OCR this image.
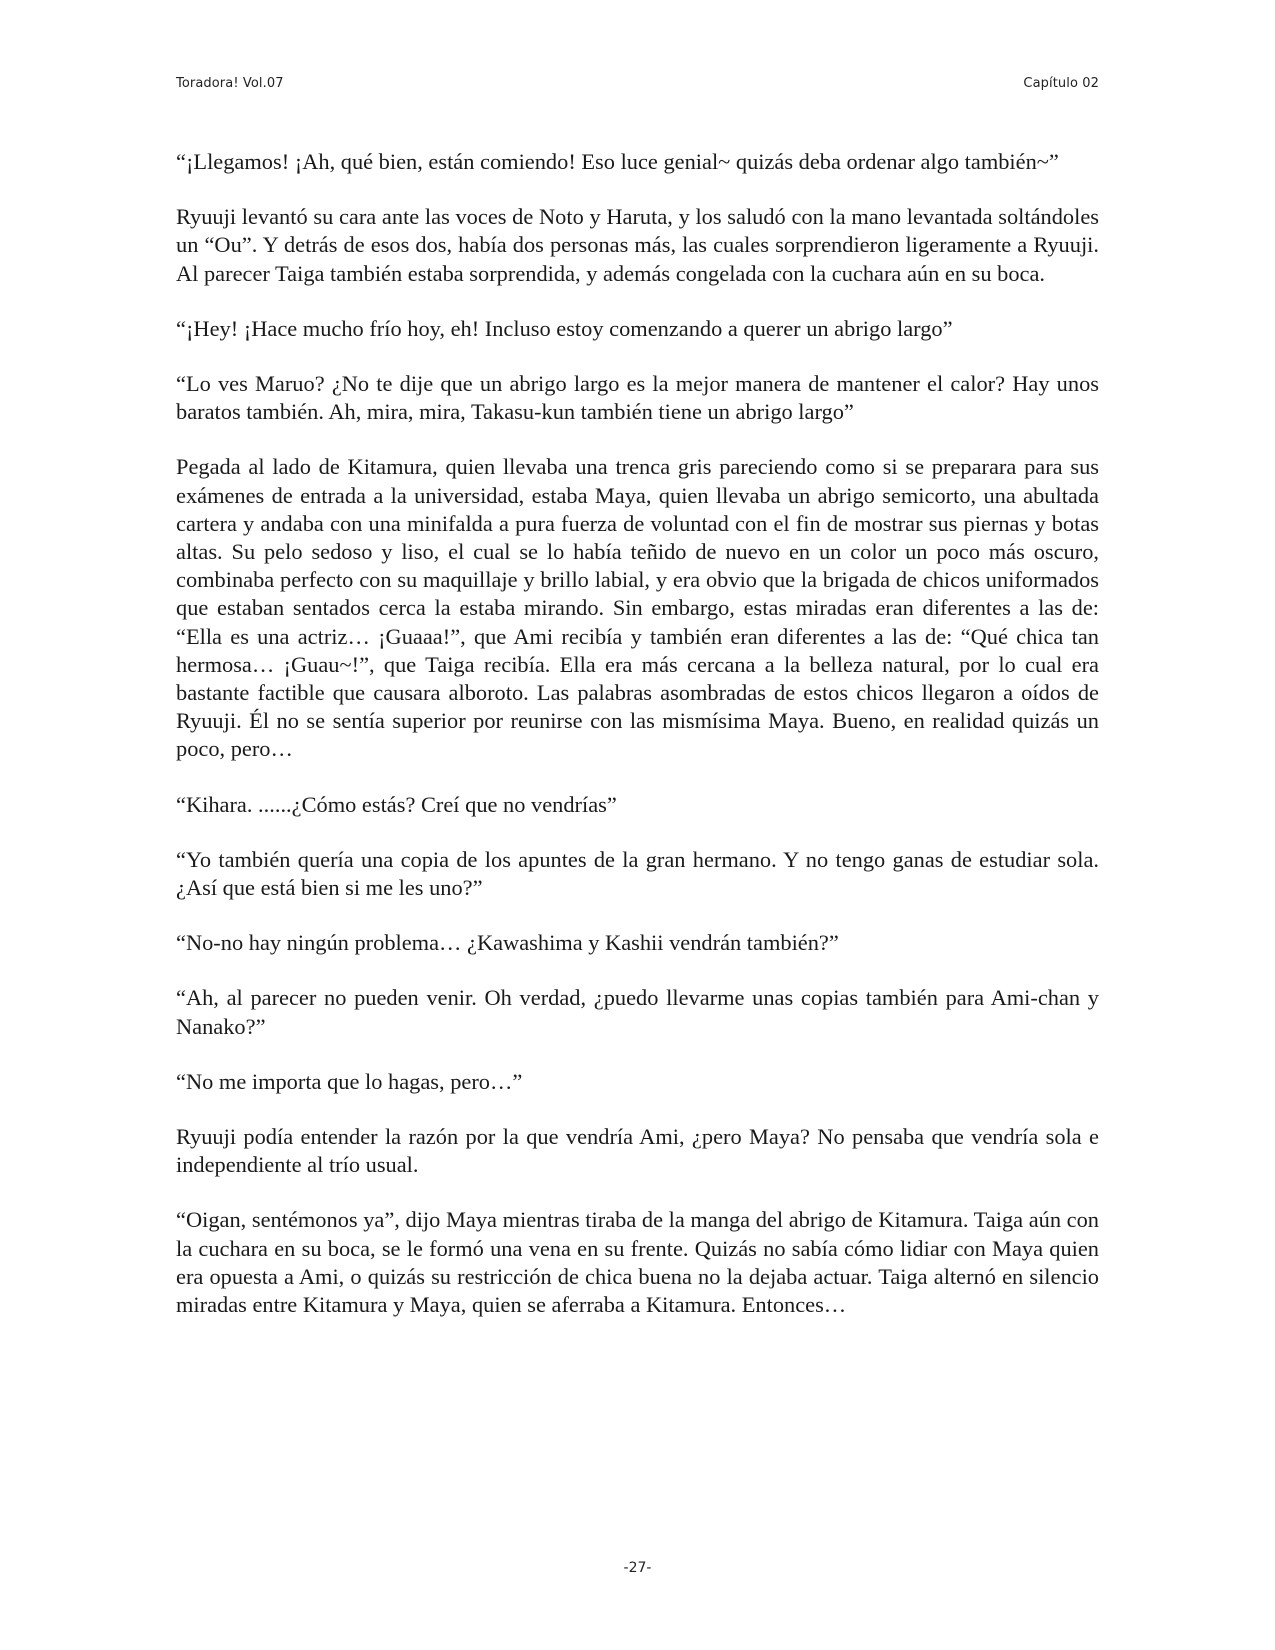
Toradora! Vol.07	Capítulo 02

“¡Llegamos! ¡Ah, qué bien, están comiendo! Eso luce genial~ quizás deba ordenar algo también~”

Ryuuji levantó su cara ante las voces de Noto y Haruta, y los saludó con la mano levantada soltándoles un “Ou”. Y detrás de esos dos, había dos personas más, las cuales sorprendieron ligeramente a Ryuuji. Al parecer Taiga también estaba sorprendida, y además congelada con la cuchara aún en su boca.

“¡Hey! ¡Hace mucho frío hoy, eh! Incluso estoy comenzando a querer un abrigo largo”

“Lo ves Maruo? ¿No te dije que un abrigo largo es la mejor manera de mantener el calor? Hay unos baratos también. Ah, mira, mira, Takasu-kun también tiene un abrigo largo”

Pegada al lado de Kitamura, quien llevaba una trenca gris pareciendo como si se preparara para sus exámenes de entrada a la universidad, estaba Maya, quien llevaba un abrigo semicorto, una abultada cartera y andaba con una minifalda a pura fuerza de voluntad con el fin de mostrar sus piernas y botas altas. Su pelo sedoso y liso, el cual se lo había teñido de nuevo en un color un poco más oscuro, combinaba perfecto con su maquillaje y brillo labial, y era obvio que la brigada de chicos uniformados que estaban sentados cerca la estaba mirando. Sin embargo, estas miradas eran diferentes a las de: “Ella es una actriz… ¡Guaaa!”, que Ami recibía y también eran diferentes a las de: “Qué chica tan hermosa… ¡Guau~!”, que Taiga recibía. Ella era más cercana a la belleza natural, por lo cual era bastante factible que causara alboroto. Las palabras asombradas de estos chicos llegaron a oídos de Ryuuji. Él no se sentía superior por reunirse con las mismísima Maya. Bueno, en realidad quizás un poco, pero…

“Kihara. ......¿Cómo estás? Creí que no vendrías”

“Yo también quería una copia de los apuntes de la gran hermano. Y no tengo ganas de estudiar sola. ¿Así que está bien si me les uno?”

“No-no hay ningún problema… ¿Kawashima y Kashii vendrán también?”

“Ah, al parecer no pueden venir. Oh verdad, ¿puedo llevarme unas copias también para Ami-chan y Nanako?”

“No me importa que lo hagas, pero…”

Ryuuji podía entender la razón por la que vendría Ami, ¿pero Maya? No pensaba que vendría sola e independiente al trío usual.

“Oigan, sentémonos ya”, dijo Maya mientras tiraba de la manga del abrigo de Kitamura. Taiga aún con la cuchara en su boca, se le formó una vena en su frente. Quizás no sabía cómo lidiar con Maya quien era opuesta a Ami, o quizás su restricción de chica buena no la dejaba actuar. Taiga alternó en silencio miradas entre Kitamura y Maya, quien se aferraba a Kitamura. Entonces…

-27-
